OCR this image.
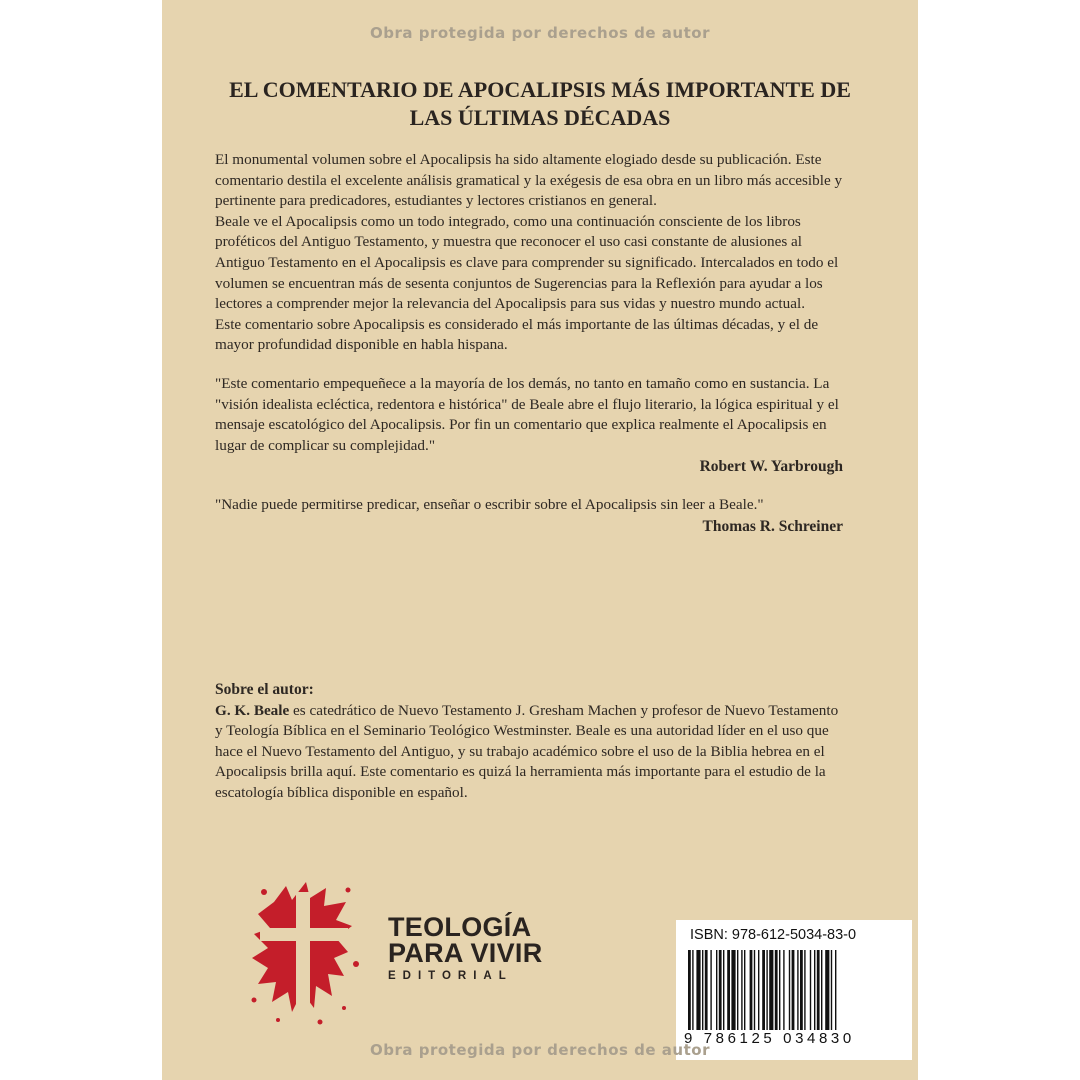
Obra protegida por derechos de autor
EL COMENTARIO DE APOCALIPSIS MÁS IMPORTANTE DE
LAS ÚLTIMAS DÉCADAS

El monumental volumen sobre el Apocalipsis ha sido altamente elogiado desde su publicación. Este comentario destila el excelente análisis gramatical y la exégesis de esa obra en un libro más accesible y pertinente para predicadores, estudiantes y lectores cristianos en general.

Beale ve el Apocalipsis como un todo integrado, como una continuación consciente de los libros proféticos del Antiguo Testamento, y muestra que reconocer el uso casi constante de alusiones al Antiguo Testamento en el Apocalipsis es clave para comprender su significado. Intercalados en todo el volumen se encuentran más de sesenta conjuntos de Sugerencias para la Reflexión para ayudar a los lectores a comprender mejor la relevancia del Apocalipsis para sus vidas y nuestro mundo actual.

Este comentario sobre Apocalipsis es considerado el más importante de las últimas décadas, y el de mayor profundidad disponible en habla hispana.

"Este comentario empequeñece a la mayoría de los demás, no tanto en tamaño como en sustancia. La "visión idealista ecléctica, redentora e histórica" de Beale abre el flujo literario, la lógica espiritual y el mensaje escatológico del Apocalipsis. Por fin un comentario que explica realmente el Apocalipsis en lugar de complicar su complejidad."

Robert W. Yarbrough

"Nadie puede permitirse predicar, enseñar o escribir sobre el Apocalipsis sin leer a Beale."

Thomas R. Schreiner

Sobre el autor:

G. K. Beale es catedrático de Nuevo Testamento J. Gresham Machen y profesor de Nuevo Testamento y Teología Bíblica en el Seminario Teológico Westminster. Beale es una autoridad líder en el uso que hace el Nuevo Testamento del Antiguo, y su trabajo académico sobre el uso de la Biblia hebrea en el Apocalipsis brilla aquí. Este comentario es quizá la herramienta más importante para el estudio de la escatología bíblica disponible en español.

TEOLOGÍA
PARA VIVIR
EDITORIAL
ISBN: 978-612-5034-83-0
9 786125 034830
Obra protegida por derechos de autor
